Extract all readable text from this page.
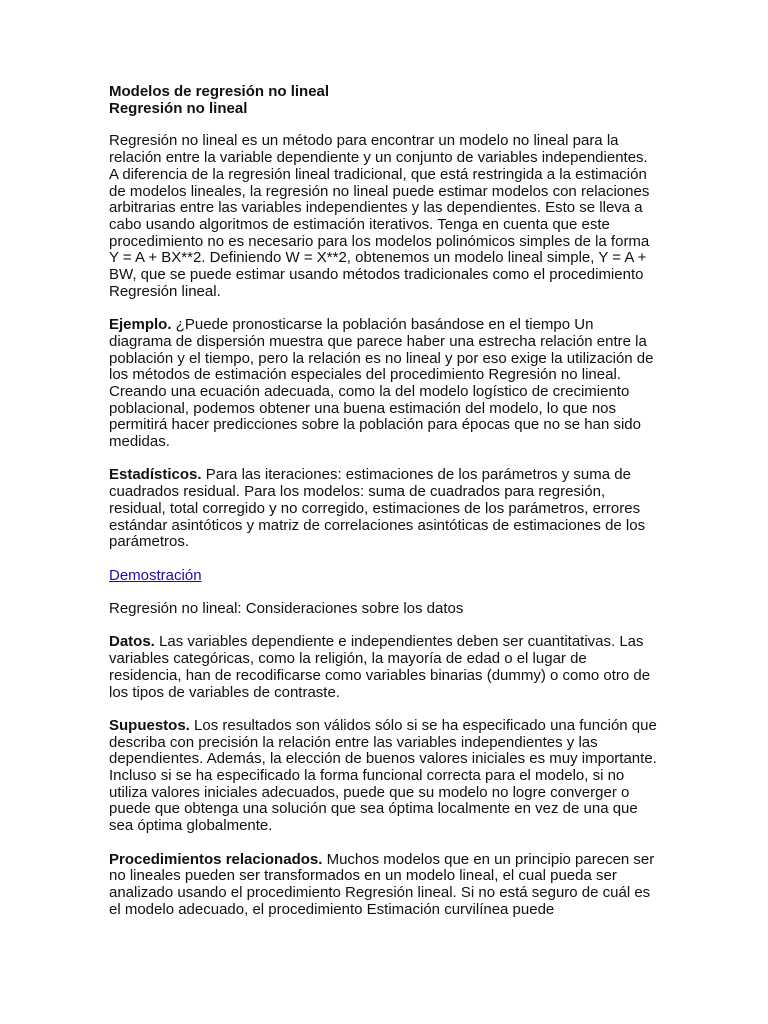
Modelos de regresión no lineal
Regresión no lineal

Regresión no lineal es un método para encontrar un modelo no lineal para la relación entre la variable dependiente y un conjunto de variables independientes. A diferencia de la regresión lineal tradicional, que está restringida a la estimación de modelos lineales, la regresión no lineal puede estimar modelos con relaciones arbitrarias entre las variables independientes y las dependientes. Esto se lleva a cabo usando algoritmos de estimación iterativos. Tenga en cuenta que este procedimiento no es necesario para los modelos polinómicos simples de la forma Y = A + BX**2. Definiendo W = X**2, obtenemos un modelo lineal simple, Y = A + BW, que se puede estimar usando métodos tradicionales como el procedimiento Regresión lineal.

Ejemplo. ¿Puede pronosticarse la población basándose en el tiempo Un diagrama de dispersión muestra que parece haber una estrecha relación entre la población y el tiempo, pero la relación es no lineal y por eso exige la utilización de los métodos de estimación especiales del procedimiento Regresión no lineal. Creando una ecuación adecuada, como la del modelo logístico de crecimiento poblacional, podemos obtener una buena estimación del modelo, lo que nos permitirá hacer predicciones sobre la población para épocas que no se han sido medidas.

Estadísticos. Para las iteraciones: estimaciones de los parámetros y suma de cuadrados residual. Para los modelos: suma de cuadrados para regresión, residual, total corregido y no corregido, estimaciones de los parámetros, errores estándar asintóticos y matriz de correlaciones asintóticas de estimaciones de los parámetros.

Demostración

Regresión no lineal: Consideraciones sobre los datos

Datos. Las variables dependiente e independientes deben ser cuantitativas. Las variables categóricas, como la religión, la mayoría de edad o el lugar de residencia, han de recodificarse como variables binarias (dummy) o como otro de los tipos de variables de contraste.

Supuestos. Los resultados son válidos sólo si se ha especificado una función que describa con precisión la relación entre las variables independientes y las dependientes. Además, la elección de buenos valores iniciales es muy importante. Incluso si se ha especificado la forma funcional correcta para el modelo, si no utiliza valores iniciales adecuados, puede que su modelo no logre converger o puede que obtenga una solución que sea óptima localmente en vez de una que sea óptima globalmente.

Procedimientos relacionados. Muchos modelos que en un principio parecen ser no lineales pueden ser transformados en un modelo lineal, el cual pueda ser analizado usando el procedimiento Regresión lineal. Si no está seguro de cuál es el modelo adecuado, el procedimiento Estimación curvilínea puede
